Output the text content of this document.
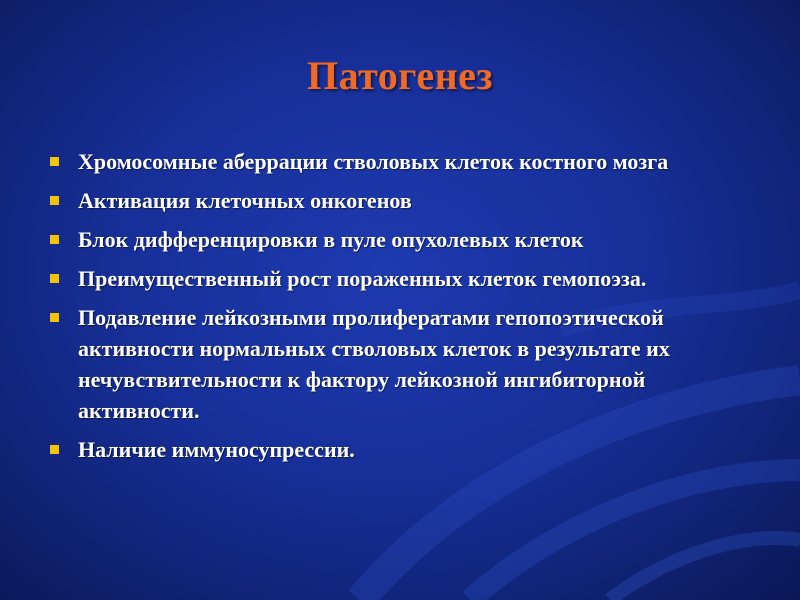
Патогенез
Хромосомные аберрации стволовых клеток костного мозга
Активация клеточных онкогенов
Блок дифференцировки в пуле опухолевых клеток
Преимущественный рост пораженных клеток гемопоэза.
Подавление лейкозными пролифератами гепопоэтической активности нормальных стволовых клеток в результате их нечувствительности к фактору лейкозной ингибиторной активности.
Наличие иммуносупрессии.
